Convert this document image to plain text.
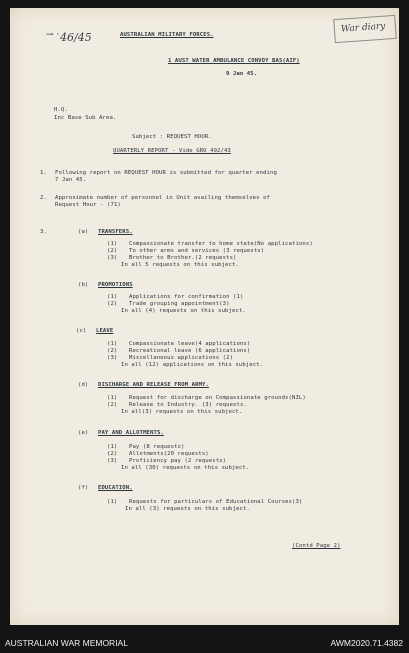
46/45
→ ·
War diary
AUSTRALIAN MILITARY FORCES.
1 AUST WATER AMBULANCE CONVOY BAS(AIF)
9 Jan 45.
H.Q.
Inc Base Sub Area.
Subject : REQUEST HOUR.
QUARTERLY REPORT - Vide GRO 492/43
1. Following report on REQUEST HOUR is submitted for quarter ending
7 Jan 45.
2. Approximate number of personnel in Unit availing themselves of
Request Hour - (71)
3.	(a) TRANSFERS.
(1) Compassionate transfer to home state(No applications)
(2) To other arms and services (3 requests)
(3) Brother to Brother.(2 requests)
In all 5 requests on this subject.
(b) PROMOTIONS
(1) Applications for confirmation (1)
(2) Trade grouping appointment(3)
In all (4) requests on this subject.
(c) LEAVE
(1) Compassionate leave(4 applications)
(2) Recreational leave (6 applications)
(3) Miscellaneous applications (2)
In all (12) applications on this subject.
(d) DISCHARGE AND RELEASE FROM ARMY.
(1) Request for discharge on Compassionate grounds(NIL)
(2) Release to Industry. (3) requests.
In all(3) requests on this subject.
(e) PAY AND ALLOTMENTS.
(1) Pay (8 requests)
(2) Allotments(20 requests)
(3) Proficiency pay (2 requests)
In all (30) requests on this subject.
(f) EDUCATION.
(1) Requests for particulars of Educational Courses(3)
In all (3) requests on this subject.
(Contd Page 2)
AUSTRALIAN WAR MEMORIAL	AWM2020.71.4382
